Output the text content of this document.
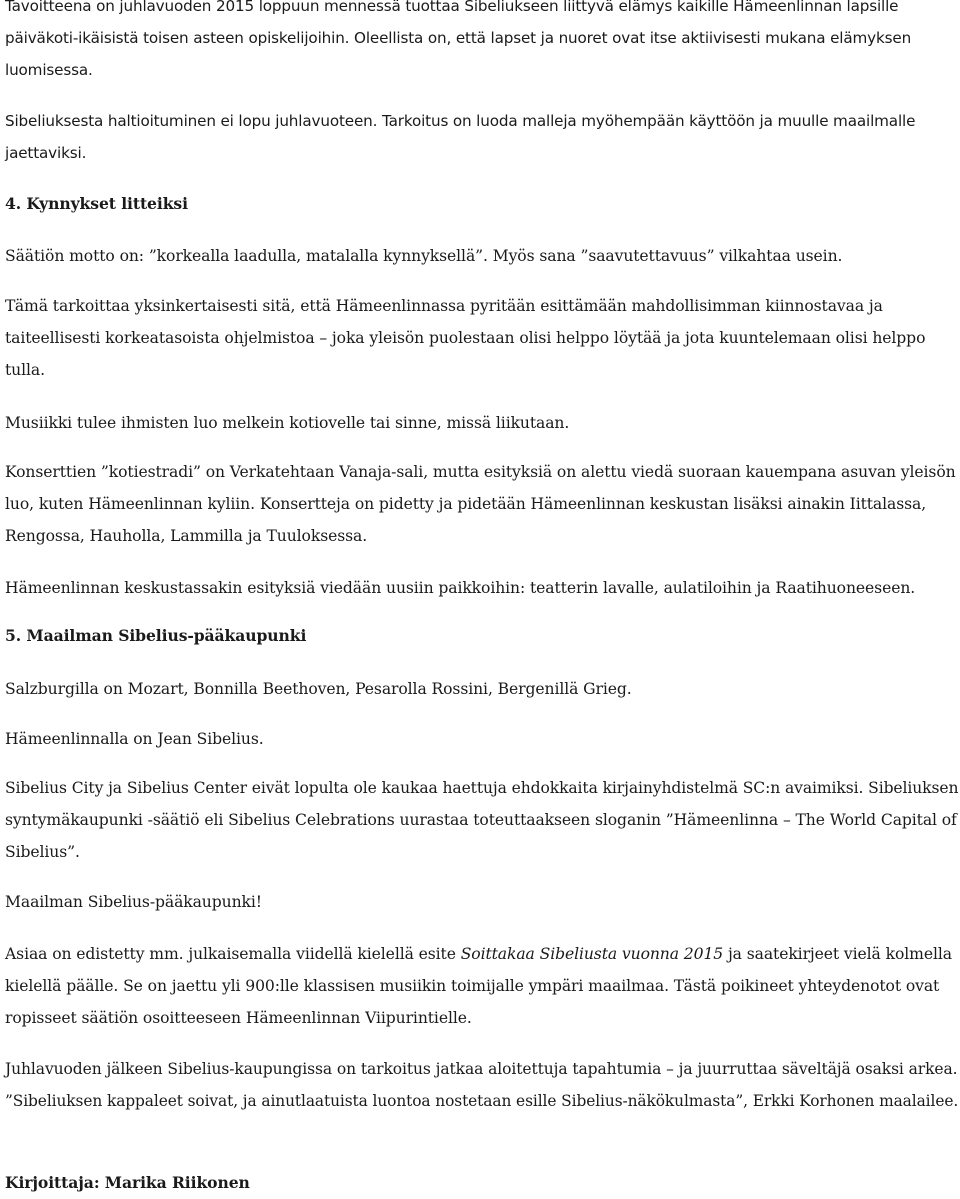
Tavoitteena on juhlavuoden 2015 loppuun mennessä tuottaa Sibeliukseen liittyvä elämys kaikille Hämeenlinnan lapsille
päiväkoti-ikäisistä toisen asteen opiskelijoihin. Oleellista on, että lapset ja nuoret ovat itse aktiivisesti mukana elämyksen
luomisessa.
Sibeliuksesta haltioituminen ei lopu juhlavuoteen. Tarkoitus on luoda malleja myöhempään käyttöön ja muulle maailmalle
jaettaviksi.
4. Kynnykset litteiksi
Säätiön motto on: ”korkealla laadulla, matalalla kynnyksellä”. Myös sana ”saavutettavuus” vilkahtaa usein.
Tämä tarkoittaa yksinkertaisesti sitä, että Hämeenlinnassa pyritään esittämään mahdollisimman kiinnostavaa ja
taiteellisesti korkeatasoista ohjelmistoa – joka yleisön puolestaan olisi helppo löytää ja jota kuuntelemaan olisi helppo
tulla.
Musiikki tulee ihmisten luo melkein kotiovelle tai sinne, missä liikutaan.
Konserttien ”kotiestradi” on Verkatehtaan Vanaja-sali, mutta esityksiä on alettu viedä suoraan kauempana asuvan yleisön
luo, kuten Hämeenlinnan kyliin. Konsertteja on pidetty ja pidetään Hämeenlinnan keskustan lisäksi ainakin Iittalassa,
Rengossa, Hauholla, Lammilla ja Tuuloksessa.
Hämeenlinnan keskustassakin esityksiä viedään uusiin paikkoihin: teatterin lavalle, aulatiloihin ja Raatihuoneeseen.
5. Maailman Sibelius-pääkaupunki
Salzburgilla on Mozart, Bonnilla Beethoven, Pesarolla Rossini, Bergenillä Grieg.
Hämeenlinnalla on Jean Sibelius.
Sibelius City ja Sibelius Center eivät lopulta ole kaukaa haettuja ehdokkaita kirjainyhdistelmä SC:n avaimiksi. Sibeliuksen
syntymäkaupunki -säätiö eli Sibelius Celebrations uurastaa toteuttaakseen sloganin ”Hämeenlinna – The World Capital of
Sibelius”.
Maailman Sibelius-pääkaupunki!
Asiaa on edistetty mm. julkaisemalla viidellä kielellä esite Soittakaa Sibeliusta vuonna 2015 ja saatekirjeet vielä kolmella
kielellä päälle. Se on jaettu yli 900:lle klassisen musiikin toimijalle ympäri maailmaa. Tästä poikineet yhteydenotot ovat
ropisseet säätiön osoitteeseen Hämeenlinnan Viipurintielle.
Juhlavuoden jälkeen Sibelius-kaupungissa on tarkoitus jatkaa aloitettuja tapahtumia – ja juurruttaa säveltäjä osaksi arkea.
”Sibeliuksen kappaleet soivat, ja ainutlaatuista luontoa nostetaan esille Sibelius-näkökulmasta”, Erkki Korhonen maalailee.
Kirjoittaja: Marika Riikonen
